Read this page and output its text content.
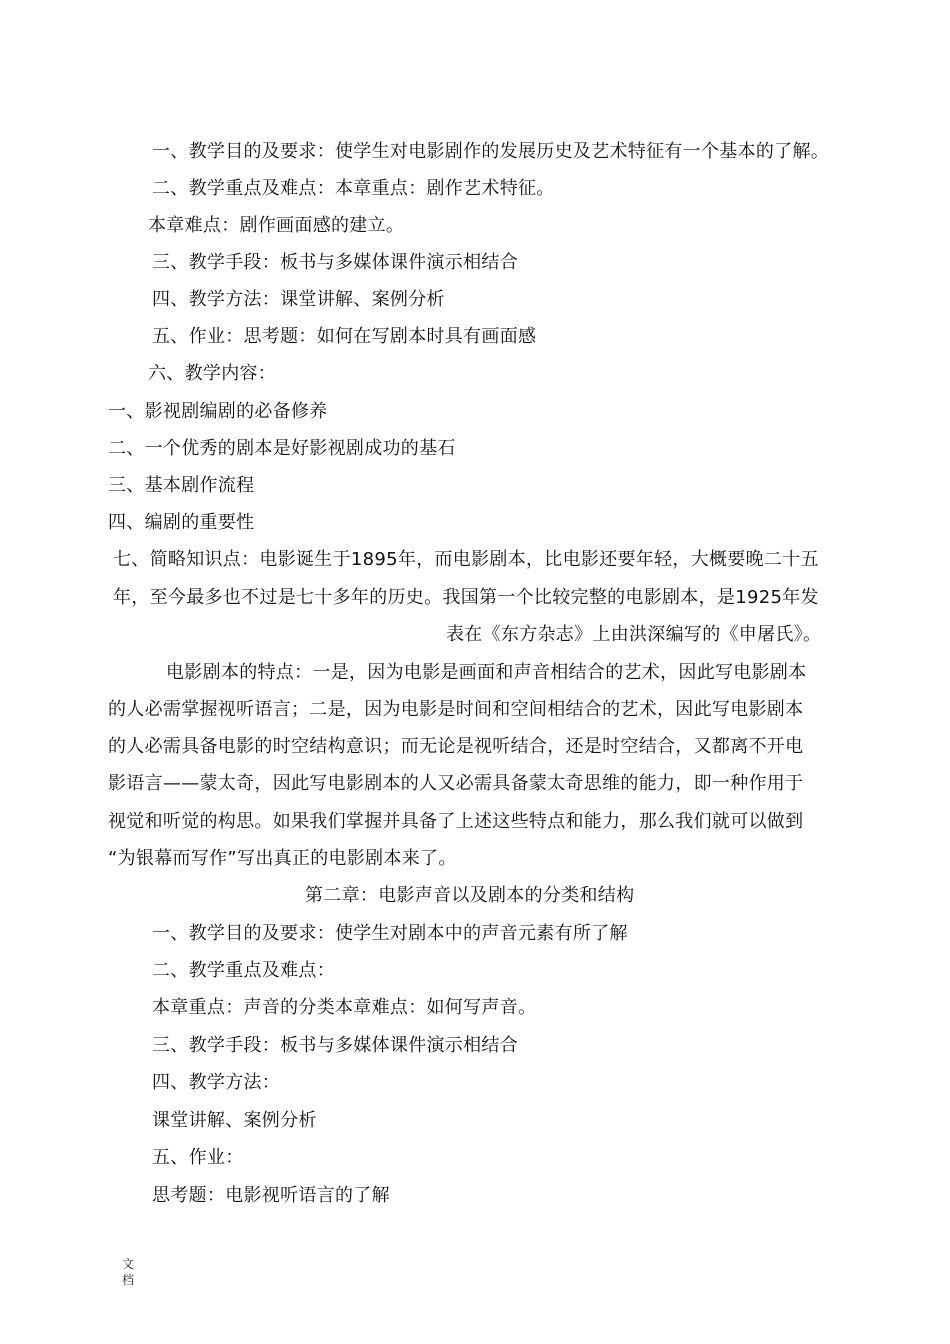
一、教学目的及要求：使学生对电影剧作的发展历史及艺术特征有一个基本的了解。
二、教学重点及难点：本章重点：剧作艺术特征。
本章难点：剧作画面感的建立。
三、教学手段：板书与多媒体课件演示相结合
四、教学方法：课堂讲解、案例分析
五、作业：思考题：如何在写剧本时具有画面感
六、教学内容：
一、影视剧编剧的必备修养
二、一个优秀的剧本是好影视剧成功的基石
三、基本剧作流程
四、编剧的重要性
七、简略知识点：电影诞生于1895年，而电影剧本，比电影还要年轻，大概要晚二十五
年，至今最多也不过是七十多年的历史。我国第一个比较完整的电影剧本，是1925年发
表在《东方杂志》上由洪深编写的《申屠氏》。
电影剧本的特点：一是，因为电影是画面和声音相结合的艺术，因此写电影剧本
的人必需掌握视听语言；二是，因为电影是时间和空间相结合的艺术，因此写电影剧本
的人必需具备电影的时空结构意识；而无论是视听结合，还是时空结合，又都离不开电
影语言——蒙太奇，因此写电影剧本的人又必需具备蒙太奇思维的能力，即一种作用于
视觉和听觉的构思。如果我们掌握并具备了上述这些特点和能力，那么我们就可以做到
“为银幕而写作”写出真正的电影剧本来了。
第二章：电影声音以及剧本的分类和结构
一、教学目的及要求：使学生对剧本中的声音元素有所了解
二、教学重点及难点：
本章重点：声音的分类本章难点：如何写声音。
三、教学手段：板书与多媒体课件演示相结合
四、教学方法：
课堂讲解、案例分析
五、作业：
思考题：电影视听语言的了解
文
档
